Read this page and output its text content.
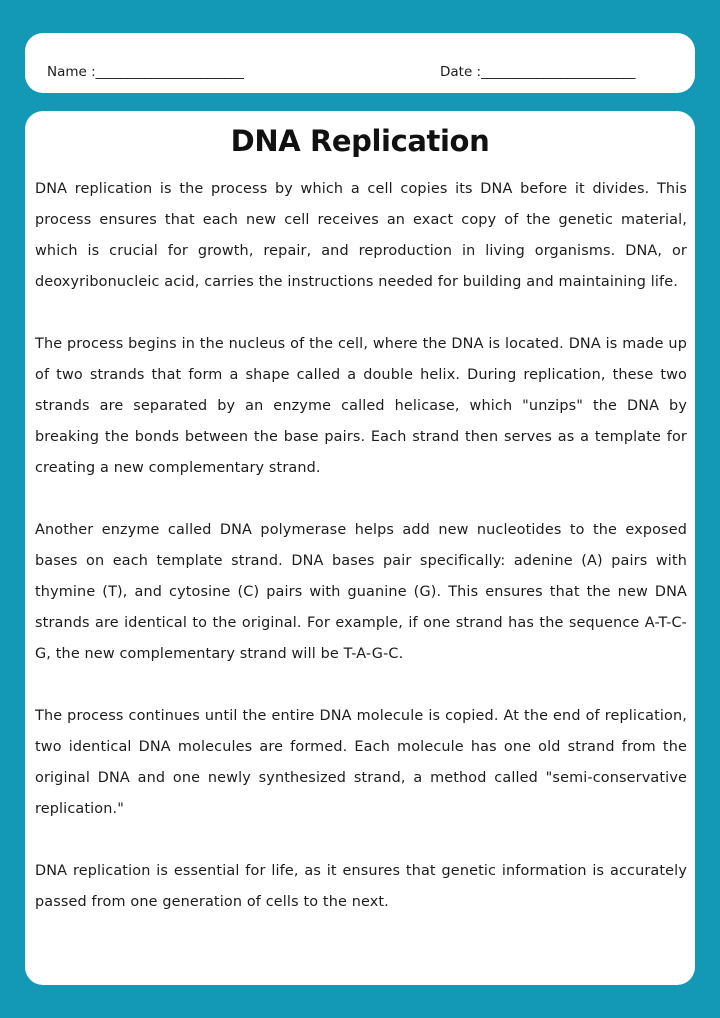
Name :________________________	Date :_________________________
DNA Replication

DNA replication is the process by which a cell copies its DNA before it divides. This process ensures that each new cell receives an exact copy of the genetic material, which is crucial for growth, repair, and reproduction in living organisms. DNA, or deoxyribonucleic acid, carries the instructions needed for building and maintaining life.

The process begins in the nucleus of the cell, where the DNA is located. DNA is made up of two strands that form a shape called a double helix. During replication, these two strands are separated by an enzyme called helicase, which "unzips" the DNA by breaking the bonds between the base pairs. Each strand then serves as a template for creating a new complementary strand.

Another enzyme called DNA polymerase helps add new nucleotides to the exposed bases on each template strand. DNA bases pair specifically: adenine (A) pairs with thymine (T), and cytosine (C) pairs with guanine (G). This ensures that the new DNA strands are identical to the original. For example, if one strand has the sequence A-T-C-G, the new complementary strand will be T-A-G-C.

The process continues until the entire DNA molecule is copied. At the end of replication, two identical DNA molecules are formed. Each molecule has one old strand from the original DNA and one newly synthesized strand, a method called "semi-conservative replication."

DNA replication is essential for life, as it ensures that genetic information is accurately passed from one generation of cells to the next.
